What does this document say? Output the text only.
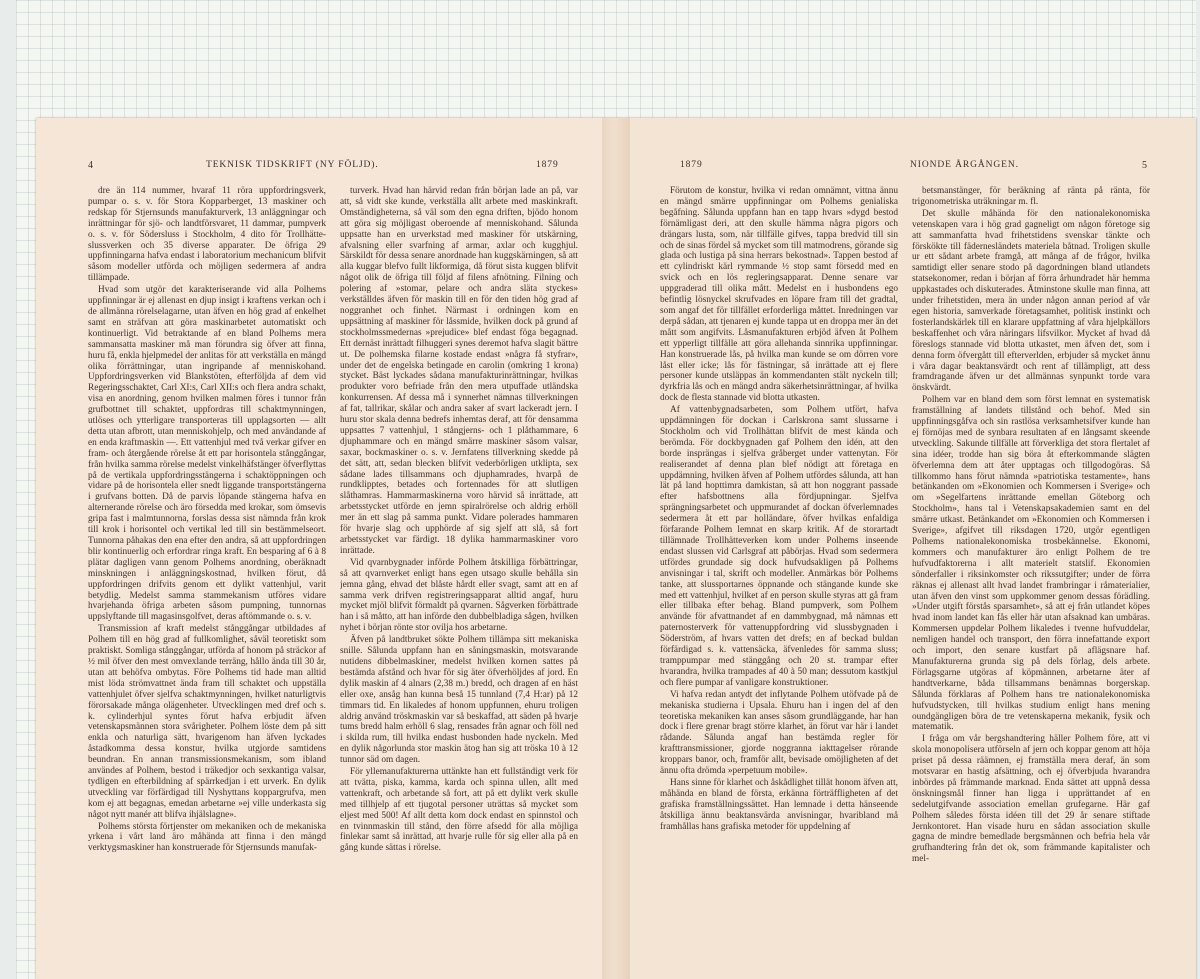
4	TEKNISK TIDSKRIFT (NY FÖLJD).	1879

dre än 114 nummer, hvaraf 11 röra uppfordringsverk, pumpar o. s. v. för Stora Kopparberget, 13 maskiner och redskap för Stjernsunds manufakturverk, 13 anläggningar och inrättningar för sjö- och landtförsvaret, 11 dammar, pumpverk o. s. v. för Södersluss i Stockholm, 4 dito för Trollhätte-slussverken och 35 diverse apparater. De öfriga 29 uppfinningarna hafva endast i laboratorium mechanicum blifvit såsom modeller utförda och möjligen sedermera af andra tillämpade.

Hvad som utgör det karakteriserande vid alla Polhems uppfinningar är ej allenast en djup insigt i kraftens verkan och i de allmänna rörelselagarne, utan äfven en hög grad af enkelhet samt en sträfvan att göra maskinarbetet automatiskt och kontinuerligt. Vid betraktande af en bland Polhems mera sammansatta maskiner må man förundra sig öfver att finna, huru få, enkla hjelpmedel der anlitas för att verkställa en mängd olika förrättningar, utan ingripande af menniskohand. Uppfordringsverken vid Blankstöten, efterföljda af dem vid Regeringsschaktet, Carl XI:s, Carl XII:s och flera andra schakt, visa en anordning, genom hvilken malmen föres i tunnor från grufbottnet till schaktet, uppfordras till schaktmynningen, utlöses och ytterligare transporteras till upplagsorten — allt detta utan afbrott, utan menniskohjelp, och med användande af en enda kraftmaskin —. Ett vattenhjul med två verkar gifver en fram- och återgående rörelse åt ett par horisontela stånggångar, från hvilka samma rörelse medelst vinkelhäfstänger öfverflyttas på de vertikala uppfordringsstängerna i schaktöppningen och vidare på de horisontela eller snedt liggande transportstängerna i grufvans botten. Då de parvis löpande stängerna hafva en alternerande rörelse och äro försedda med krokar, som ömsevis gripa fast i malmtunnorna, forslas dessa sist nämnda från krok till krok i horisontel och vertikal led till sin bestämmelseort. Tunnorna påhakas den ena efter den andra, så att uppfordringen blir kontinuerlig och erfordrar ringa kraft. En besparing af 6 à 8 plätar dagligen vann genom Polhems anordning, oberäknadt minskningen i anläggningskostnad, hvilken förut, då uppfordringen drifvits genom ett dylikt vattenhjul, varit betydlig. Medelst samma stammekanism utföres vidare hvarjehanda öfriga arbeten såsom pumpning, tunnornas uppslyftande till magasinsgolfvet, deras aftömmande o. s. v.

Transmission af kraft medelst stånggångar utbildades af Polhem till en hög grad af fullkomlighet, såväl teoretiskt som praktiskt. Somliga stånggångar, utförda af honom på sträckor af ½ mil öfver den mest omvexlande terräng, hållo ända till 30 år, utan att behöfva ombytas. Före Polhems tid hade man alltid mist löda strömvattnet ända fram till schaktet och uppställa vattenhjulet öfver sjelfva schaktmynningen, hvilket naturligtvis förorsakade många olägenheter. Utvecklingen med dref och s. k. cylinderhjul syntes förut hafva erbjudit äfven vetenskapsmännen stora svårigheter. Polhem löste dem på sitt enkla och naturliga sätt, hvarigenom han äfven lyckades åstadkomma dessa konstur, hvilka utgjorde samtidens beundran. En annan transmissionsmekanism, som ibland användes af Polhem, bestod i träkedjor och sexkantiga valsar, tydligen en efterbildning af spärrkedjan i ett urverk. En dylik utveckling var förfärdigad till Nyshyttans koppargrufva, men kom ej att begagnas, emedan arbetarne »ej ville underkasta sig något nytt manér att blifva ihjälslagne».

Polhems största förtjenster om mekaniken och de mekaniska yrkena i vårt land äro måhända att finna i den mängd verktygsmaskiner han konstruerade för Stjernsunds manufak-

turverk. Hvad han härvid redan från början lade an på, var att, så vidt ske kunde, verkställa allt arbete med maskinkraft. Omständigheterna, så väl som den egna driften, bjödo honom att göra sig möjligast oberoende af menniskohand. Sålunda uppsatte han en urverkstad med maskiner för utskärning, afvalsning eller svarfning af armar, axlar och kugghjul. Särskildt för dessa senare anordnade han kuggskärningen, så att alla kuggar blefvo fullt likformiga, då förut sista kuggen blifvit något olik de öfriga till följd af filens afnötning. Filning och polering af »stomar, pelare och andra släta styckes» verkställdes äfven för maskin till en för den tiden hög grad af noggranhet och finhet. Närmast i ordningen kom en uppsättning af maskiner för låssmide, hvilken dock på grund af stockholmssmedernas »prejudice» blef endast föga begagnad. Ett dernäst inrättadt filhuggeri synes deremot hafva slagit bättre ut. De polhemska filarne kostade endast »några få styfrar», under det de engelska betingade en carolin (omkring 1 krona) stycket. Bäst lyckades sådana manufakturinrättningar, hvilkas produkter voro befriade från den mera utpuffade utländska konkurrensen. Af dessa må i synnerhet nämnas tillverkningen af fat, tallrikar, skålar och andra saker af svart lackeradt jern. I huru stor skala denna bedrefs inhemtas deraf, att för densamma uppsattes 7 vattenhjul, 1 stångjerns- och 1 plåthammare, 6 djuphammare och en mängd smärre maskiner såsom valsar, saxar, bockmaskiner o. s. v. Jernfatens tillverkning skedde på det sätt, att, sedan blecken blifvit vederbörligen utklipta, sex sådane lades tillsammans och djuphamrades, hvarpå de rundklipptes, betades och fortennades för att slutligen slåthamras. Hammarmaskinerna voro härvid så inrättade, att arbetsstycket utförde en jemn spiralrörelse och aldrig erhöll mer än ett slag på samma punkt. Vidare polerades hammaren för hvarje slag och upphörde af sig sjelf att slå, så fort arbetsstycket var färdigt. 18 dylika hammarmaskiner voro inrättade.

Vid qvarnbygnader införde Polhem åtskilliga förbättringar, så att qvarnverket enligt hans egen utsago skulle behålla sin jemna gång, ehvad det blåste hårdt eller svagt, samt att en af samma verk drifven registreringsapparat alltid angaf, huru mycket mjöl blifvit förmaldt på qvarnen. Sågverken förbättrade han i så måtto, att han införde den dubbelbladiga sågen, hvilken nyhet i början rönte stor ovilja hos arbetarne.

Äfven på landtbruket sökte Polhem tillämpa sitt mekaniska snille. Sålunda uppfann han en såningsmaskin, motsvarande nutidens dibbelmaskiner, medelst hvilken kornen sattes på bestämda afstånd och hvar för sig äter öfverhöljdes af jord. En dylik maskin af 4 alnars (2,38 m.) bredd, och dragen af en häst eller oxe, ansåg han kunna beså 15 tunnland (7,4 H:ar) på 12 timmars tid. En likaledes af honom uppfunnen, ehuru troligen aldrig använd tröskmaskin var så beskaffad, att säden på hvarje tums bredd halm erhöll 6 slag, rensades från agnar och föll ned i skilda rum, till hvilka endast husbonden hade nyckeln. Med en dylik någorlunda stor maskin ätog han sig att tröska 10 à 12 tunnor säd om dagen.

För yllemanufakturerna uttänkte han ett fullständigt verk för att tvätta, piska, kamma, karda och spinna ullen, allt med vattenkraft, och arbetande så fort, att på ett dylikt verk skulle med tillhjelp af ett tjugotal personer uträttas så mycket som eljest med 500! Af allt detta kom dock endast en spinnstol och en tvinnmaskin till stånd, den förre afsedd för alla möjliga finlekar samt så inrättad, att hvarje rulle för sig eller alla på en gång kunde sättas i rörelse.

1879	NIONDE ÅRGÅNGEN.	5

Förutom de konstur, hvilka vi redan omnämnt, vittna ännu en mängd smärre uppfinningar om Polhems genialiska begåfning. Sålunda uppfann han en tapp hvars »dygd bestod förnämligast deri, att den skulle hämma några pigors och drängars lusta, som, när tillfälle gifves, tappa bredvid till sin och de sinas fördel så mycket som till matmodrens, görande sig glada och lustiga på sina herrars bekostnad». Tappen bestod af ett cylindriskt kärl rymmande ½ stop samt försedd med en svick och en lös regleringsapparat. Denne senare var uppgraderad till olika mått. Medelst en i husbondens ego befintlig lösnyckel skrufvades en löpare fram till det gradtal, som angaf det för tillfället erforderliga måttet. Inredningen var derpå sådan, att tjenaren ej kunde tappa ut en droppa mer än det mått som angifvits. Låsmanufakturen erbjöd äfven åt Polhem ett ypperligt tillfälle att göra allehanda sinnrika uppfinningar. Han konstruerade lås, på hvilka man kunde se om dörren vore låst eller icke; lås för fästningar, så inrättade att ej flere personer kunde utsläppas än kommendanten stält nyckeln till; dyrkfria lås och en mängd andra säkerhetsinrättningar, af hvilka dock de flesta stannade vid blotta utkasten.

Af vattenbygnadsarbeten, som Polhem utfört, hafva uppdämningen för dockan i Carlskrona samt slussarne i Stockholm och vid Trollhättan blifvit de mest kända och berömda. För dockbygnaden gaf Polhem den idén, att den borde insprängas i sjelfva gråberget under vattenytan. För realiserandet af denna plan blef nödigt att företaga en uppdämning, hvilken äfven af Polhem utfördes sålunda, att han lät på land hopttimra damkistan, så att hon noggrant passade efter hafsbottnens alla fördjupningar. Sjelfva sprängningsarbetet och uppmurandet af dockan öfverlemnades sedermera åt ett par holländare, öfver hvilkas enfaldiga förfarande Polhem lemnat en skarp kritik. Af de storartadt tillämnade Trollhätteverken kom under Polhems inseende endast slussen vid Carlsgraf att påbörjas. Hvad som sedermera utfördes grundade sig dock hufvudsakligen på Polhems anvisningar i tal, skrift och modeller. Anmärkas bör Polhems tanke, att slussportarnes öppnande och stängande kunde ske med ett vattenhjul, hvilket af en person skulle styras att gå fram eller tillbaka efter behag. Bland pumpverk, som Polhem använde för afvattnandet af en dammbygnad, må nämnas ett paternosterverk för vattenuppfordring vid slussbygnaden i Söderström, af hvars vatten det drefs; en af beckad buldan förfärdigad s. k. vattensäcka, äfvenledes för samma sluss; tramppumpar med stänggång och 20 st. trampar efter hvarandra, hvilka trampades af 40 à 50 man; dessutom kastkjul och flere pumpar af vanligare konstruktioner.

Vi hafva redan antydt det inflytande Polhem utöfvade på de mekaniska studierna i Upsala. Ehuru han i ingen del af den teoretiska mekaniken kan anses såsom grundläggande, har han dock i flere grenar bragt större klarhet, än förut var här i landet rådande. Sålunda angaf han bestämda regler för krafttransmissioner, gjorde noggranna iakttagelser rörande kroppars banor, och, framför allt, bevisade omöjligheten af det ännu ofta drömda »perpetuum mobile».

Hans sinne för klarhet och åskådlighet tillät honom äfven att, måhända en bland de första, erkänna förträffligheten af det grafiska framställningssättet. Han lemnade i detta hänseende åtskilliga ännu beaktansvärda anvisningar, hvaribland må framhållas hans grafiska metoder för uppdelning af

betsmanstänger, för beräkning af ränta på ränta, för trigonometriska uträkningar m. fl.

Det skulle måhända för den nationalekonomiska vetenskapen vara i hög grad gagneligt om någon företoge sig att sammanfatta hvad frihetstidens svenskar tänkte och förskökte till fädernesländets materiela båtnad. Troligen skulle ur ett sådant arbete framgå, att många af de frågor, hvilka samtidigt eller senare stodo på dagordningen bland utlandets statsekonomer, redan i början af förra århundradet här hemma uppkastades och diskuterades. Åtminstone skulle man finna, att under frihetstiden, mera än under någon annan period af vår egen historia, samverkade företagsamhet, politisk instinkt och fosterlandskärlek till en klarare uppfattning af våra hjelpkällors beskaffenhet och våra näringars lifsvilkor. Mycket af hvad då föreslogs stannade vid blotta utkastet, men äfven det, som i denna form öfvergått till efterverlden, erbjuder så mycket ännu i våra dagar beaktansvärdt och rent af tillämpligt, att dess framdragande äfven ur det allmännas synpunkt torde vara önskvärdt.

Polhem var en bland dem som först lemnat en systematisk framställning af landets tillstånd och behof. Med sin uppfinningsgåfva och sin rastlösa verksamhetsifver kunde han ej förnöjas med de synbara resultaten af en långsamt skeende utveckling. Sakunde tillfälle att förverkliga det stora flertalet af sina idéer, trodde han sig böra åt efterkommande slägten öfverlemna dem att åter upptagas och tillgodogöras. Så tillkommo hans förut nämnda »patriotiska testamente», hans betänkanden om »Ekonomien och Kommersen i Sverige» och om »Segelfartens inrättande emellan Göteborg och Stockholm», hans tal i Vetenskapsakademien samt en del smärre utkast. Betänkandet om »Ekonomien och Kommersen i Sverige», afgifvet till riksdagen 1720, utgör egentligen Polhems nationalekonomiska trosbekännelse. Ekonomi, kommers och manufakturer äro enligt Polhem de tre hufvudfaktorerna i allt materielt statslif. Ekonomien sönderfaller i riksinkomster och rikssutgifter; under de förra räknas ej allenast allt hvad landet frambringar i råmaterialier, utan äfven den vinst som uppkommer genom dessas förädling. »Under utgift förstås sparsamhet», så att ej från utlandet köpes hvad inom landet kan fås eller här utan afsaknad kan umbäras. Kommersen uppdelar Polhem likaledes i tvenne hufvuddelar, nemligen handel och transport, den förra innefattande export och import, den senare kustfart på aflägsnare haf. Manufakturerna grunda sig på dels förlag, dels arbete. Förlagsgarne utgöras af köpmännen, arbetarne äter af handtverkarne, båda tillsammans benämnas borgerskap. Sålunda förklaras af Polhem hans tre nationalekonomiska hufvudstycken, till hvilkas studium enligt hans mening oundgängligen böra de tre vetenskaperna mekanik, fysik och matematik.

I fråga om vår bergshandtering häller Polhem före, att vi skola monopolisera utförseln af jern och koppar genom att höja priset på dessa räämnen, ej framställa mera deraf, än som motsvarar en hastig afsättning, och ej öfverbjuda hvarandra inbördes på främmande marknad. Enda sättet att uppnå dessa önskningsmål finner han ligga i upprättandet af en sedelutgifvande association emellan grufegarne. Här gaf Polhem således första idéen till det 29 år senare stiftade Jernkontoret. Han visade huru en sådan association skulle gagna de mindre bemedlade bergsmännen och befria hela vår grufhandtering från det ok, som främmande kapitalister och mel-
